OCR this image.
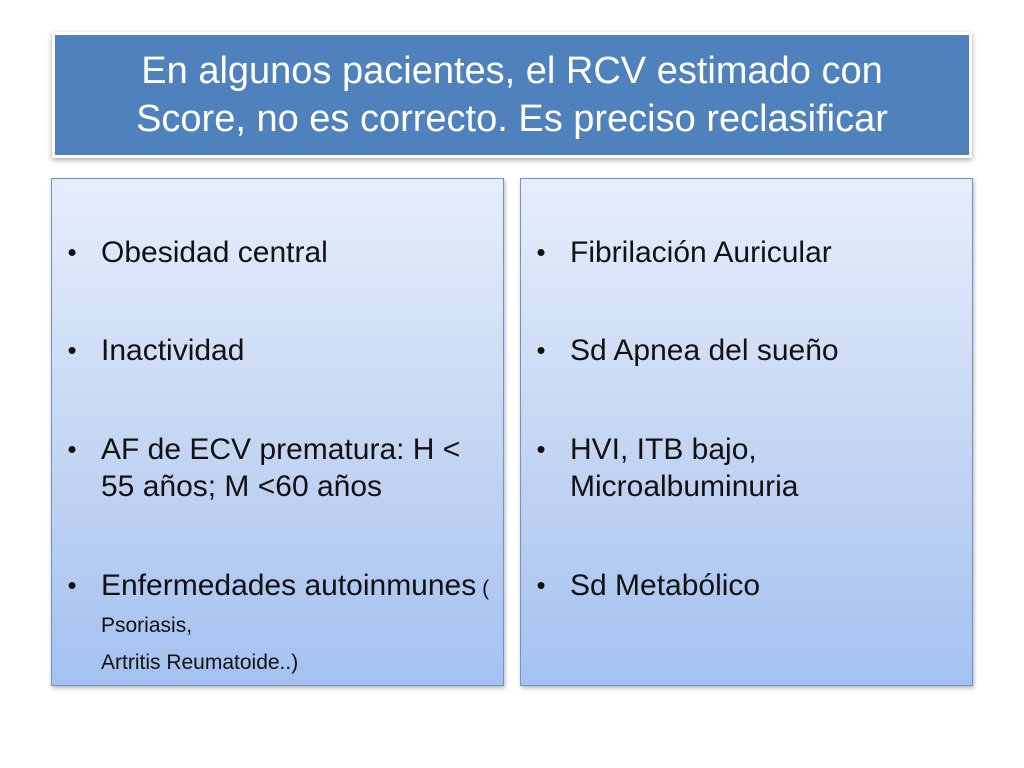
En algunos pacientes, el RCV estimado con Score, no es correcto. Es preciso reclasificar

• Obesidad central
• Inactividad
• AF de ECV prematura: H < 55 años; M <60 años
• Enfermedades autoinmunes ( Psoriasis,
Artritis Reumatoide..)
• Fibrilación Auricular
• Sd Apnea del sueño
• HVI, ITB bajo, Microalbuminuria
• Sd Metabólico
